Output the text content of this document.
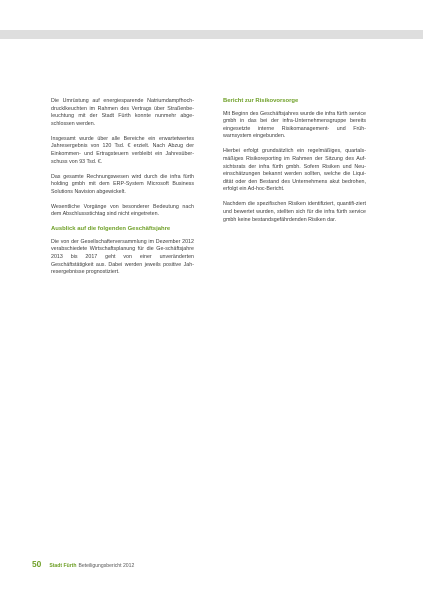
Die Umrüstung auf energiesparende Natriumdampfhoch-drucklkeuchten im Rahmen des Vertrags über Straßenbe-leuchtung mit der Stadt Fürth konnte nunmehr abge-schlossen werden.

Insgesamt wurde über alle Bereiche ein erwartetwertes Jahresergebnis von 120 Tsd. € erzielt. Nach Abzug der Einkommen- und Ertragsteuern verbleibt ein Jahresüber-schuss von 93 Tsd. €.

Das gesamte Rechnungswesen wird durch die infra fürth holding gmbh mit dem ERP-System Microsoft Business Solutions Navision abgewickelt.

Wesentliche Vorgänge von besonderer Bedeutung nach dem Abschlussstichtag sind nicht eingetreten.

Ausblick auf die folgenden Geschäftsjahre

Die von der Gesellschafterversammlung im Dezember 2012 verabschiedete Wirtschaftsplanung für die Ge-schäftsjahre 2013 bis 2017 geht von einer unveränderten Geschäftstätigkeit aus. Dabei werden jeweils positive Jah-resergebnisse prognostiziert.

Bericht zur Risikovorsorge

Mit Beginn des Geschäftsjahres wurde die infra fürth service gmbh in das bei der infra-Unternehmensgruppe bereits eingesetzte interne Risikomanagement- und Früh-warnsystem eingebunden.

Hierbei erfolgt grundsätzlich ein regelmäßiges, quartals-mäßiges Risikoreporting im Rahmen der Sitzung des Auf-sichtsrats der infra fürth gmbh. Sofern Risiken und Neu-einschätzungen bekannt werden sollten, welche die Liqui-dität oder den Bestand des Unternehmens akut bedrohen, erfolgt ein Ad-hoc-Bericht.

Nachdem die spezifischen Risiken identifiziert, quantifi-ziert und bewertet wurden, stellten sich für die infra fürth service gmbh keine bestandsgefährdenden Risiken dar.

50 Stadt Fürth Beteiligungsbericht 2012
